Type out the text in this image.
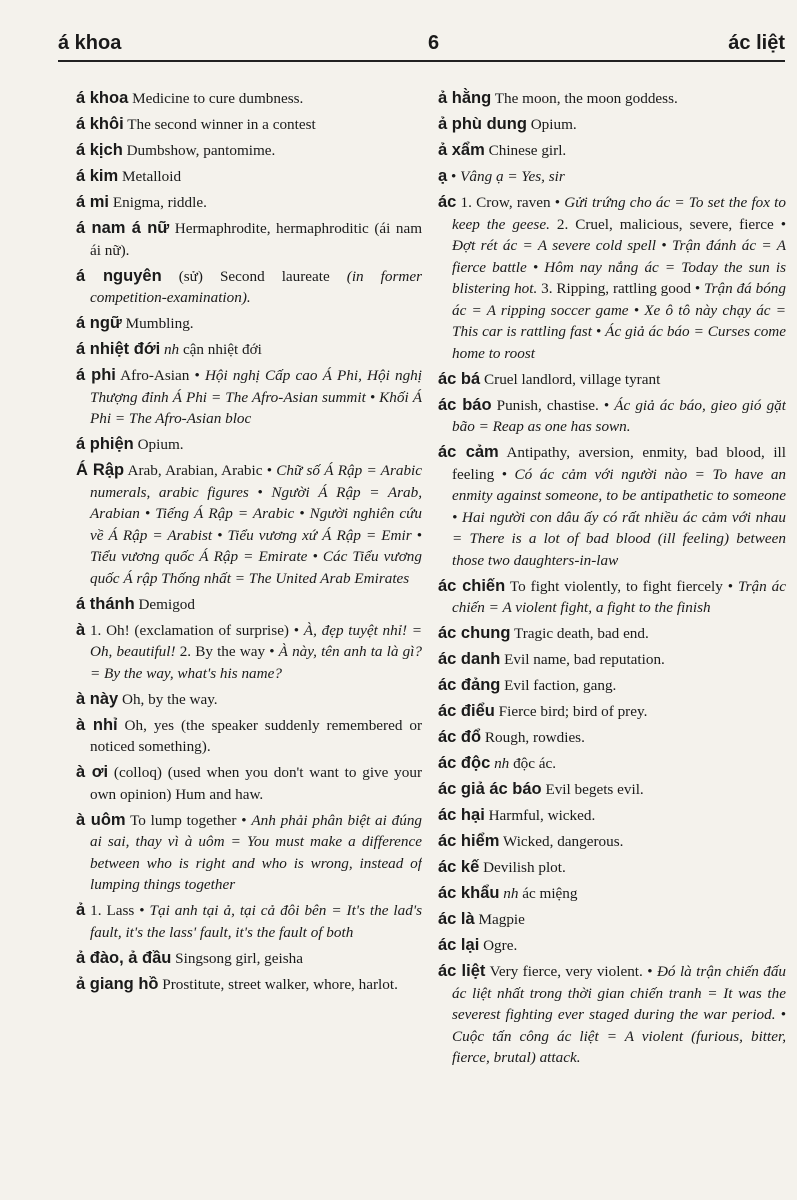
á khoa	6	ác liệt

á khoa Medicine to cure dumbness.

á khôi The second winner in a contest

á kịch Dumbshow, pantomime.

á kim Metalloid

á mi Enigma, riddle.

á nam á nữ Hermaphrodite, hermaphroditic (ái nam ái nữ).

á nguyên (sử) Second laureate (in former competition-examination).

á ngữ Mumbling.

á nhiệt đới nh cận nhiệt đới

á phi Afro-Asian • Hội nghị Cấp cao Á Phi, Hội nghị Thượng đỉnh Á Phi = The Afro-Asian summit • Khối Á Phi = The Afro-Asian bloc

á phiện Opium.

Á Rập Arab, Arabian, Arabic • Chữ số Á Rập = Arabic numerals, arabic figures • Người Á Rập = Arab, Arabian • Tiếng Á Rập = Arabic • Người nghiên cứu về Á Rập = Arabist • Tiểu vương xứ Á Rập = Emir • Tiểu vương quốc Á Rập = Emirate • Các Tiểu vương quốc Á rập Thống nhất = The United Arab Emirates

á thánh Demigod

à 1. Oh! (exclamation of surprise) • À, đẹp tuyệt nhỉ! = Oh, beautiful! 2. By the way • À này, tên anh ta là gì? = By the way, what's his name?

à này Oh, by the way.

à nhỉ Oh, yes (the speaker suddenly remembered or noticed something).

à ơi (colloq) (used when you don't want to give your own opinion) Hum and haw.

à uôm To lump together • Anh phải phân biệt ai đúng ai sai, thay vì à uôm = You must make a difference between who is right and who is wrong, instead of lumping things together

ả 1. Lass • Tại anh tại ả, tại cả đôi bên = It's the lad's fault, it's the lass' fault, it's the fault of both

ả đào, ả đầu Singsong girl, geisha

ả giang hồ Prostitute, street walker, whore, harlot.

ả hằng The moon, the moon goddess.

ả phù dung Opium.

ả xẩm Chinese girl.

ạ • Vâng ạ = Yes, sir

ác 1. Crow, raven • Gửi trứng cho ác = To set the fox to keep the geese. 2. Cruel, malicious, severe, fierce • Đợt rét ác = A severe cold spell • Trận đánh ác = A fierce battle • Hôm nay nắng ác = Today the sun is blistering hot. 3. Ripping, rattling good • Trận đá bóng ác = A ripping soccer game • Xe ô tô này chạy ác = This car is rattling fast • Ác giả ác báo = Curses come home to roost

ác bá Cruel landlord, village tyrant

ác báo Punish, chastise. • Ác giả ác báo, gieo gió gặt bão = Reap as one has sown.

ác cảm Antipathy, aversion, enmity, bad blood, ill feeling • Có ác cảm với người nào = To have an enmity against someone, to be antipathetic to someone • Hai người con dâu ấy có rất nhiều ác cảm với nhau = There is a lot of bad blood (ill feeling) between those two daughters-in-law

ác chiến To fight violently, to fight fiercely • Trận ác chiến = A violent fight, a fight to the finish

ác chung Tragic death, bad end.

ác danh Evil name, bad reputation.

ác đảng Evil faction, gang.

ác điểu Fierce bird; bird of prey.

ác đổ Rough, rowdies.

ác độc nh độc ác.

ác giả ác báo Evil begets evil.

ác hại Harmful, wicked.

ác hiểm Wicked, dangerous.

ác kế Devilish plot.

ác khẩu nh ác miệng

ác là Magpie

ác lại Ogre.

ác liệt Very fierce, very violent. • Đó là trận chiến đấu ác liệt nhất trong thời gian chiến tranh = It was the severest fighting ever staged during the war period. • Cuộc tấn công ác liệt = A violent (furious, bitter, fierce, brutal) attack.
